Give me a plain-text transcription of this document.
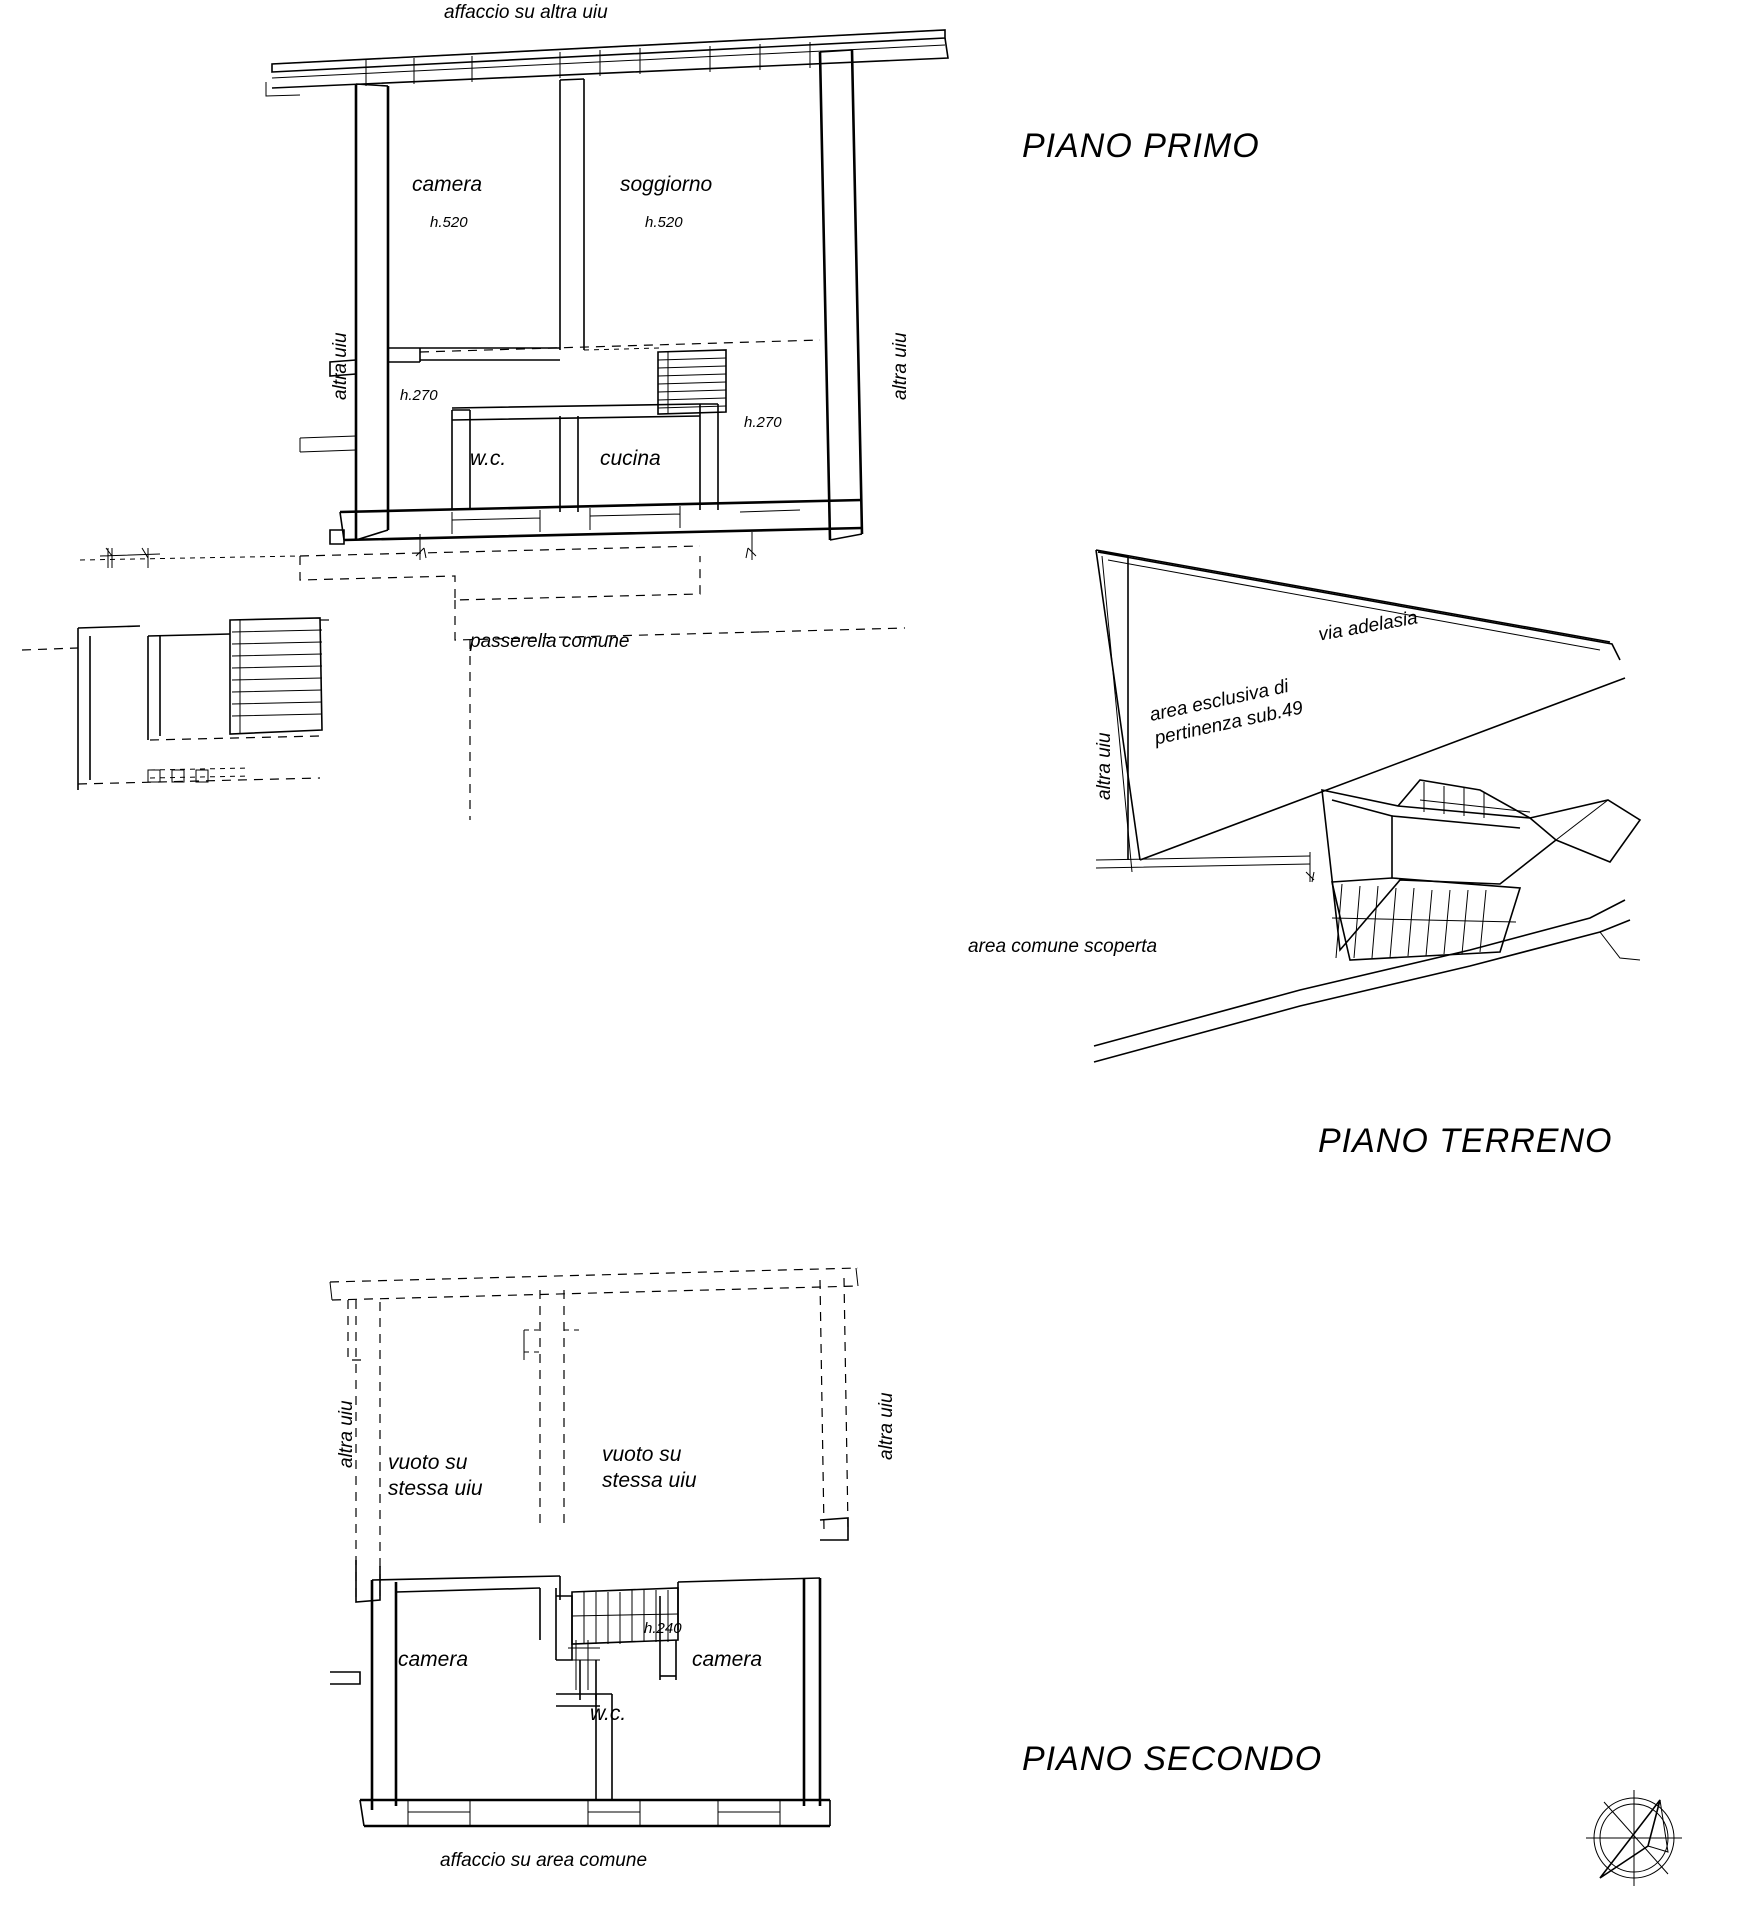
affaccio su altra uiu
altra uiu	altra uiu
camera
h.520
soggiorno
h.520
h.270
w.c.	cucina
h.270
passerella comune
PIANO PRIMO
via adelasia
altra uiu
area esclusiva di pertinenza sub.49
area comune scoperta
PIANO TERRENO
altra uiu	altra uiu
vuoto su stessa uiu
vuoto su stessa uiu
camera	camera
w.c.
h.240
affaccio su area comune
PIANO SECONDO
